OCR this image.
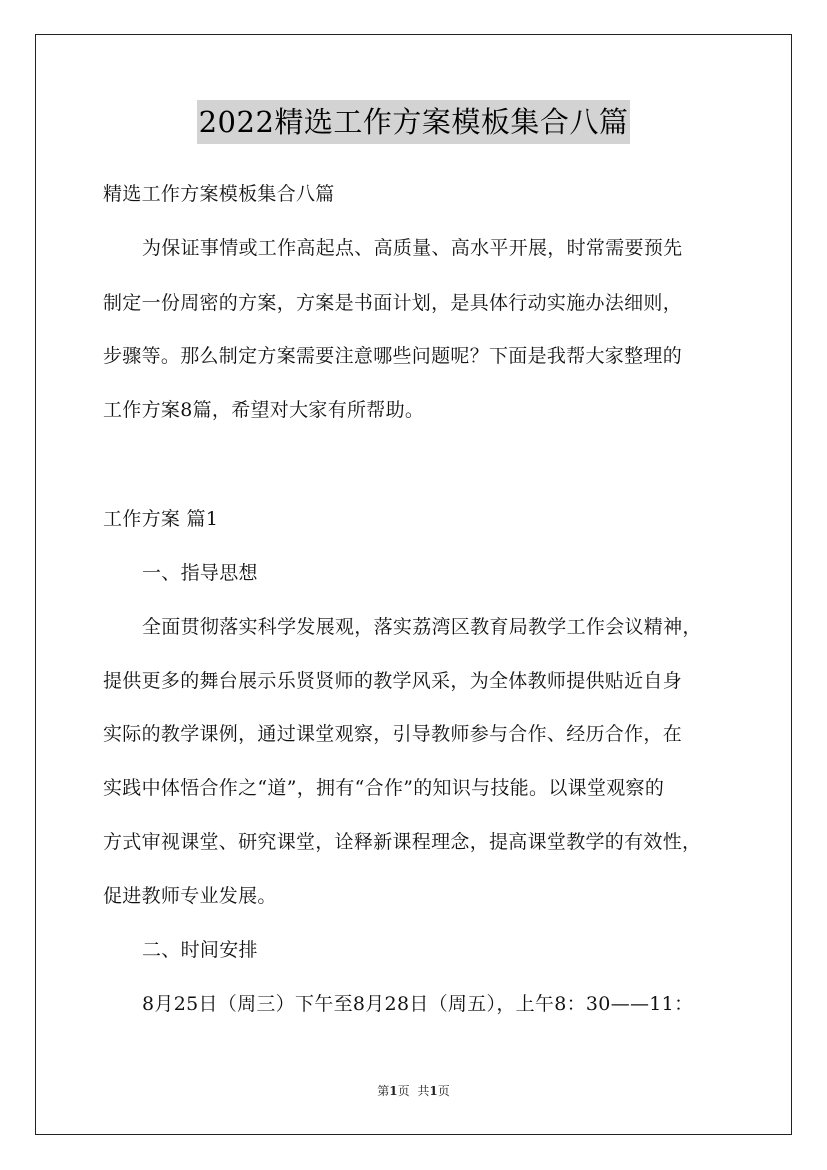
2022精选工作方案模板集合八篇
精选工作方案模板集合八篇
为保证事情或工作高起点、高质量、高水平开展，时常需要预先
制定一份周密的方案，方案是书面计划，是具体行动实施办法细则，
步骤等。那么制定方案需要注意哪些问题呢？下面是我帮大家整理的
工作方案8篇，希望对大家有所帮助。
工作方案 篇1
一、指导思想
全面贯彻落实科学发展观，落实荔湾区教育局教学工作会议精神，
提供更多的舞台展示乐贤贤师的教学风采，为全体教师提供贴近自身
实际的教学课例，通过课堂观察，引导教师参与合作、经历合作，在
实践中体悟合作之“道”，拥有“合作”的知识与技能。以课堂观察的
方式审视课堂、研究课堂，诠释新课程理念，提高课堂教学的有效性，
促进教师专业发展。
二、时间安排
8月25日（周三）下午至8月28日（周五），上午8：30——11：
第1页 共1页
